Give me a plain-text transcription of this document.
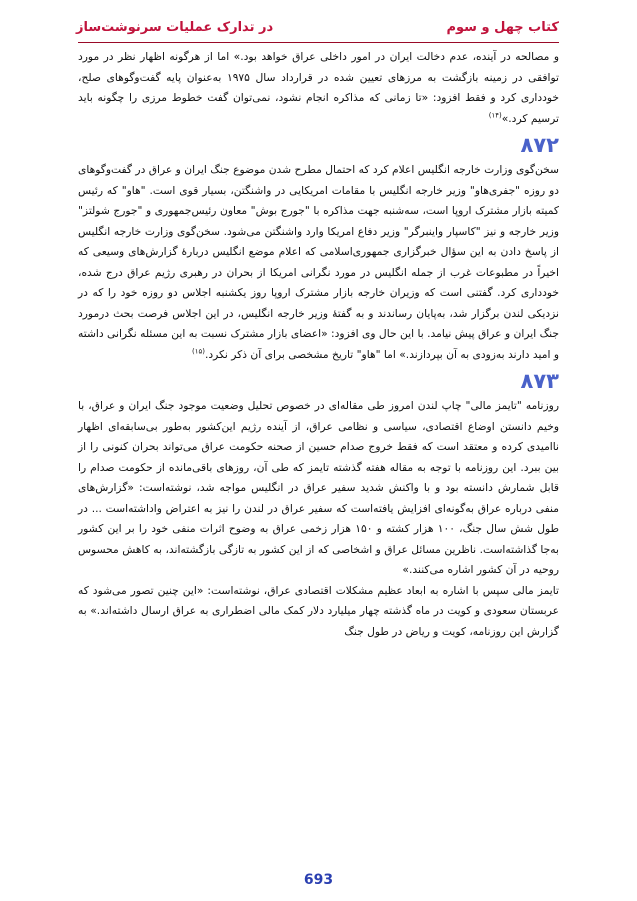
در تدارک عملیات سرنوشت‌ساز	کتاب چهل و سوم

و مصالحه در آینده، عدم دخالت ایران در امور داخلی عراق خواهد بود.» اما از هرگونه اظهار نظر در مورد توافقی در زمینه بازگشت به مرزهای تعیین شده در قرارداد سال ۱۹۷۵ به‌عنوان پایه گفت‌وگوهای صلح، خودداری کرد و فقط افزود: «تا زمانی که مذاکره انجام نشود، نمی‌توان گفت خطوط مرزی را چگونه باید ترسیم کرد.»$^{(۱۴)}$

۸۷۲

سخن‌گوی وزارت خارجه انگلیس اعلام کرد که احتمال مطرح شدن موضوع جنگ ایران و عراق در گفت‌وگوهای دو روزه "جفری‌هاو" وزیر خارجه انگلیس با مقامات امریکایی در واشنگتن، بسیار قوی است. "هاو" که رئیس کمیته بازار مشترک اروپا است، سه‌شنبه جهت مذاکره با "جورج بوش" معاون رئیس‌جمهوری و "جورج شولتز" وزیر خارجه و نیز "کاسپار واینبرگر" وزیر دفاع امریکا وارد واشنگتن می‌شود. سخن‌گوی وزارت خارجه انگلیس از پاسخ دادن به این سؤال خبرگزاری جمهوری‌اسلامی که اعلام موضع انگلیس دربارهٔ گزارش‌های وسیعی که اخیراً در مطبوعات غرب از جمله انگلیس در مورد نگرانی امریکا از بحران در رهبری رژیم عراق درج شده، خودداری کرد. گفتنی است که وزیران خارجه بازار مشترک اروپا روز یکشنبه اجلاس دو روزه خود را که در نزدیکی لندن برگزار شد، به‌پایان رساندند و به گفتهٔ وزیر خارجه انگلیس، در این اجلاس فرصت بحث درمورد جنگ ایران و عراق پیش نیامد. با این حال وی افزود: «اعضای بازار مشترک نسبت به این مسئله نگرانی داشته و امید دارند به‌زودی به آن بپردازند.» اما "هاو" تاریخ مشخصی برای آن ذکر نکرد.$^{(۱۵)}$

۸۷۳

روزنامه "تایمز مالی" چاپ لندن امروز طی مقاله‌ای در خصوص تحلیل وضعیت موجود جنگ ایران و عراق، با وخیم دانستن اوضاع اقتصادی، سیاسی و نظامی عراق، از آینده رژیم این‌کشور به‌طور بی‌سابقه‌ای اظهار ناامیدی کرده و معتقد است که فقط خروج صدام حسین از صحنه حکومت عراق می‌تواند بحران کنونی را از بین ببرد. این روزنامه با توجه به مقاله هفته گذشته تایمز که طی آن، روزهای باقی‌مانده از حکومت صدام را قابل شمارش دانسته بود و با واکنش شدید سفیر عراق در انگلیس مواجه شد، نوشته‌است: «گزارش‌های منفی درباره عراق به‌گونه‌ای افزایش یافته‌است که سفیر عراق در لندن را نیز به اعتراض واداشته‌است ... در طول شش سال جنگ، ۱۰۰ هزار کشته و ۱۵۰ هزار زخمی عراق به وضوح اثرات منفی خود را بر این کشور به‌جا گذاشته‌است. ناظرین مسائل عراق و اشخاصی که از این کشور به تازگی بازگشته‌اند، به کاهش محسوس روحیه در آن کشور اشاره می‌کنند.»

تایمز مالی سپس با اشاره به ابعاد عظیم مشکلات اقتصادی عراق، نوشته‌است: «این چنین تصور می‌شود که عربستان سعودی و کویت در ماه گذشته چهار میلیارد دلار کمک مالی اضطراری به عراق ارسال داشته‌اند.» به گزارش این روزنامه، کویت و ریاض در طول جنگ

693
